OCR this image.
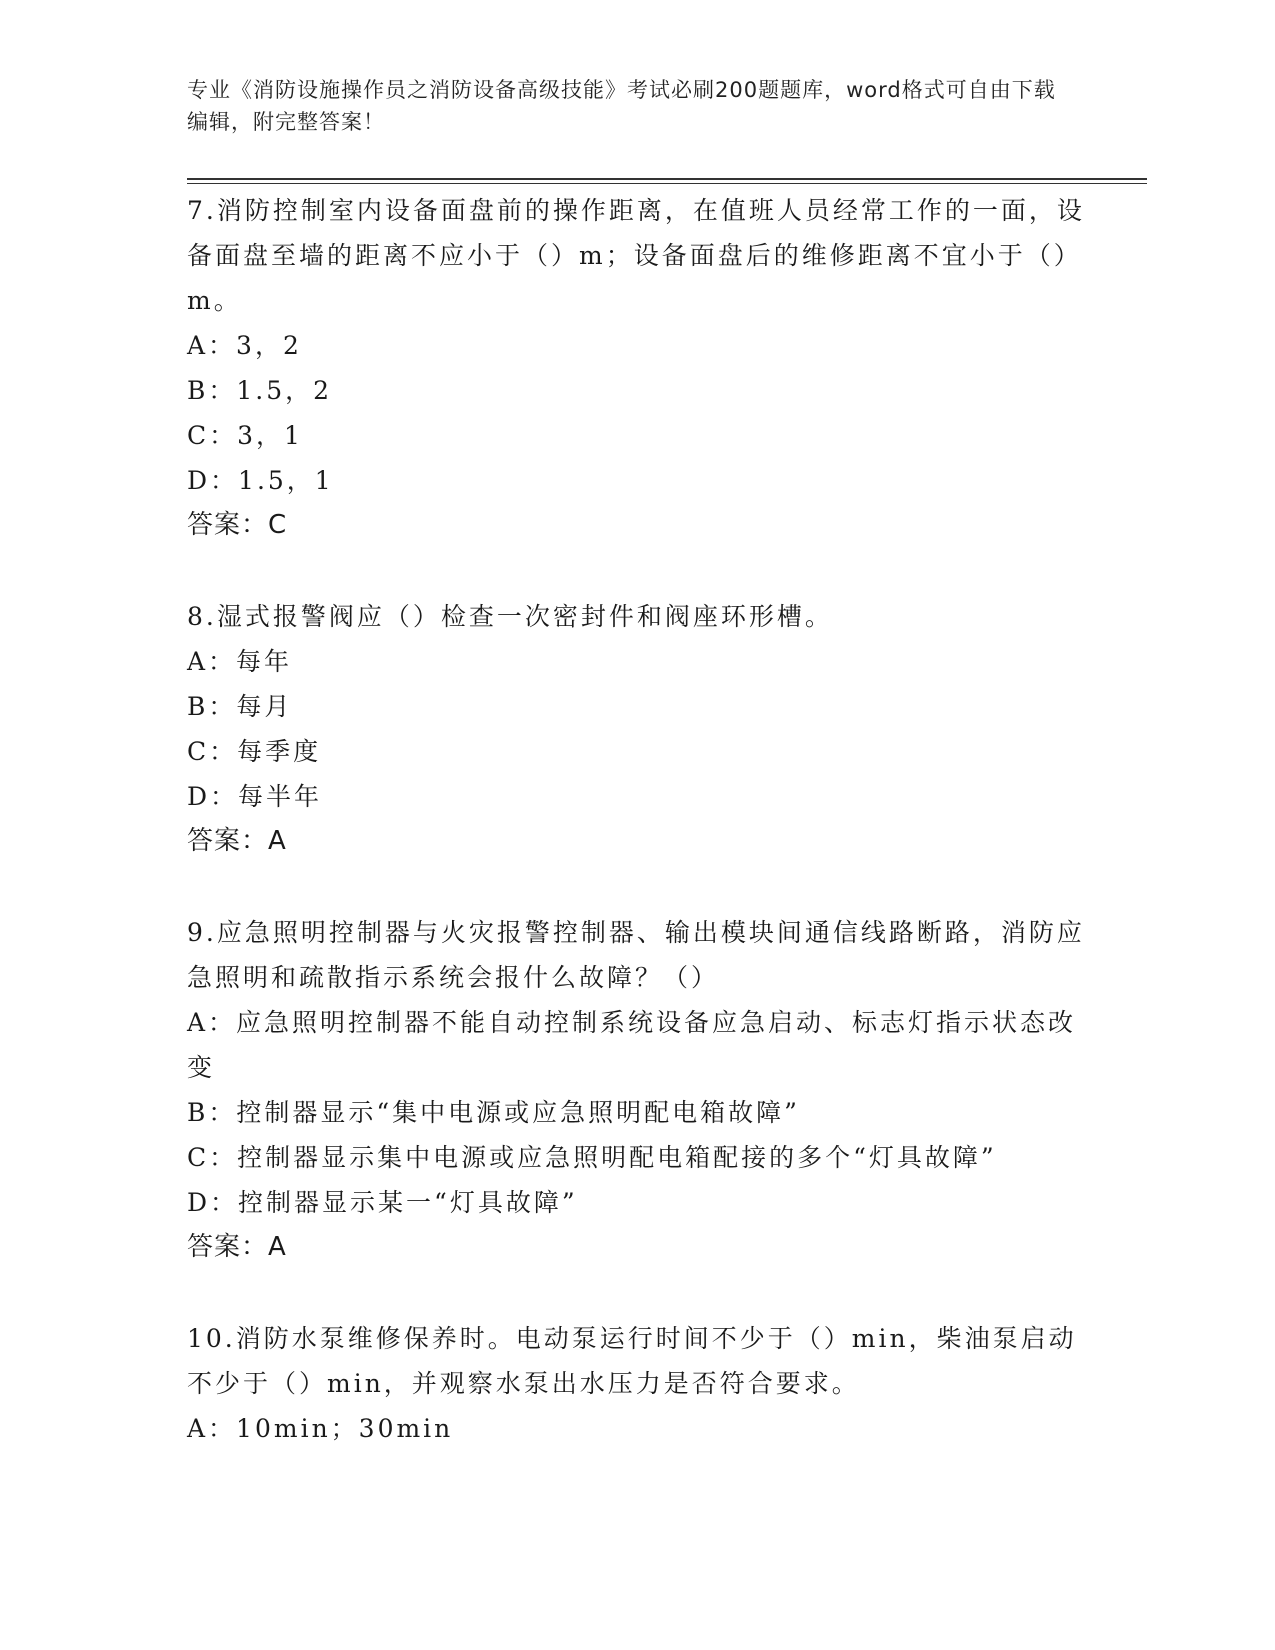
专业《消防设施操作员之消防设备高级技能》考试必刷200题题库，word格式可自由下载编辑，附完整答案！

7.消防控制室内设备面盘前的操作距离，在值班人员经常工作的一面，设备面盘至墙的距离不应小于（）m；设备面盘后的维修距离不宜小于（）m。

A：3，2

B：1.5，2

C：3，1

D：1.5，1

答案：C

8.湿式报警阀应（）检查一次密封件和阀座环形槽。

A：每年

B：每月

C：每季度

D：每半年

答案：A

9.应急照明控制器与火灾报警控制器、输出模块间通信线路断路，消防应急照明和疏散指示系统会报什么故障？（）

A：应急照明控制器不能自动控制系统设备应急启动、标志灯指示状态改变

B：控制器显示“集中电源或应急照明配电箱故障”

C：控制器显示集中电源或应急照明配电箱配接的多个“灯具故障”

D：控制器显示某一“灯具故障”

答案：A

10.消防水泵维修保养时。电动泵运行时间不少于（）min，柴油泵启动不少于（）min，并观察水泵出水压力是否符合要求。

A：10min；30min
